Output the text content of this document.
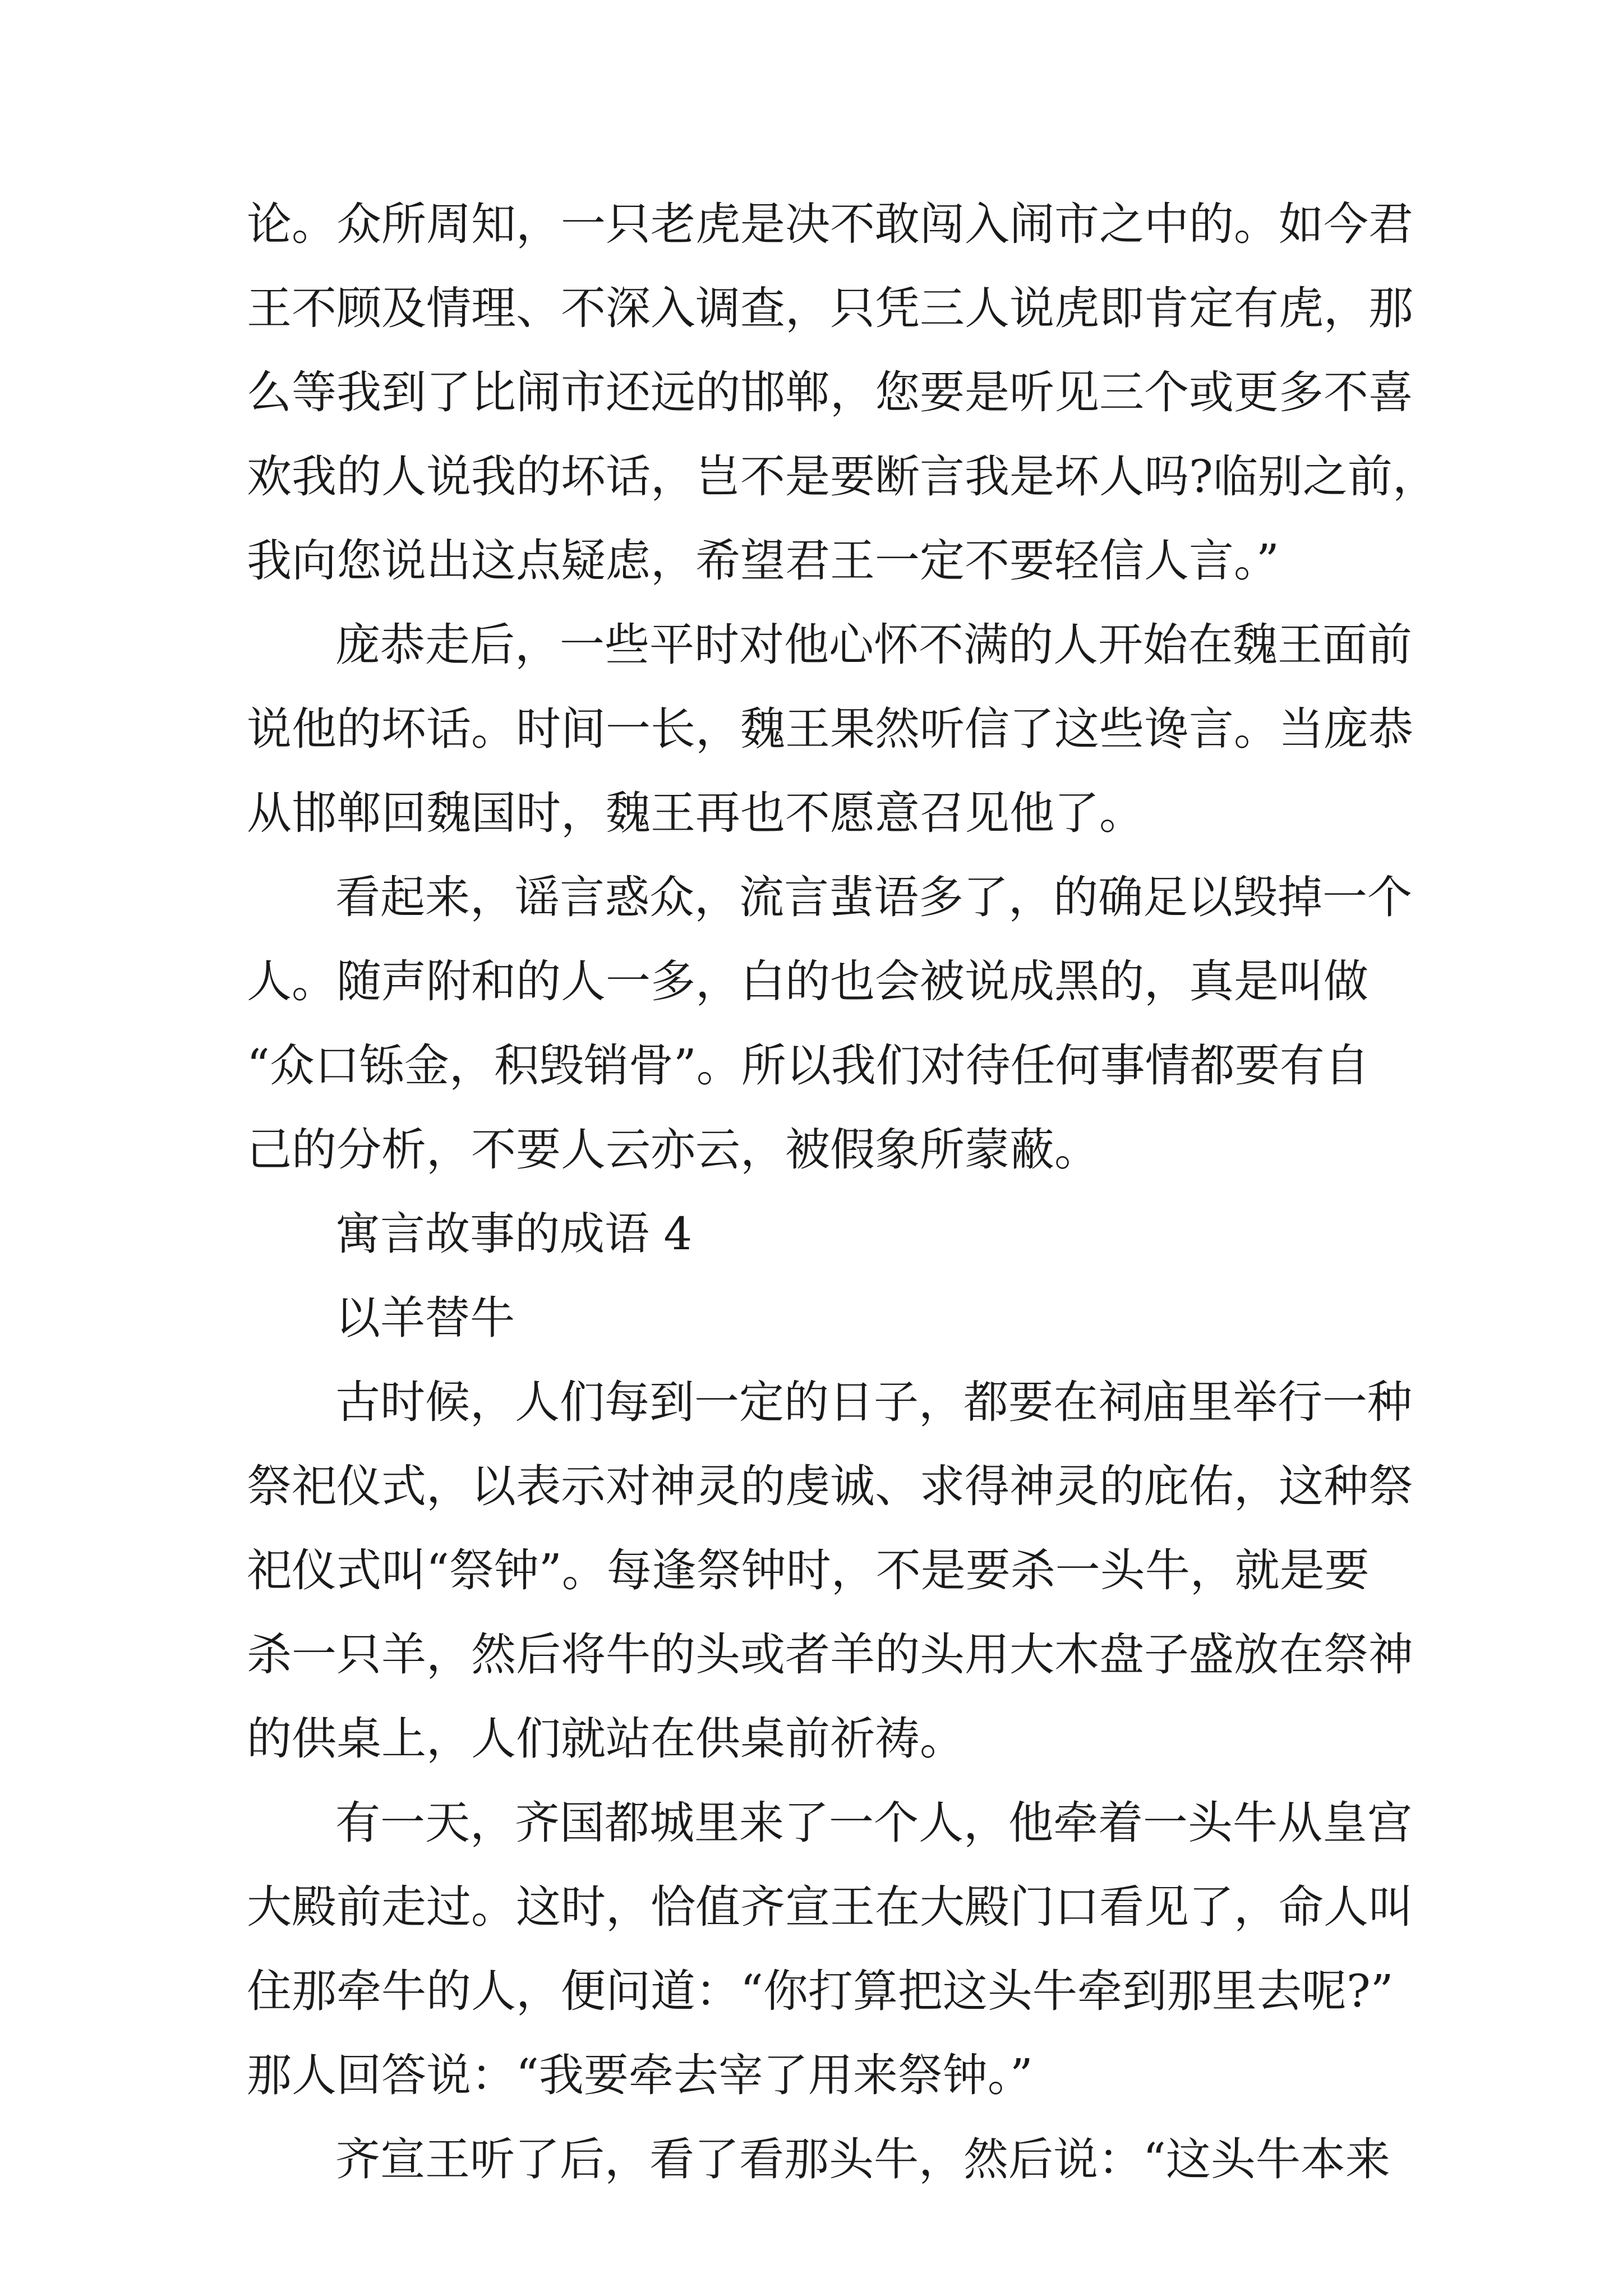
论。众所周知，一只老虎是决不敢闯入闹市之中的。如今君
王不顾及情理、不深入调查，只凭三人说虎即肯定有虎，那
么等我到了比闹市还远的邯郸，您要是听见三个或更多不喜
欢我的人说我的坏话，岂不是要断言我是坏人吗?临别之前，
我向您说出这点疑虑，希望君王一定不要轻信人言。”
庞恭走后，一些平时对他心怀不满的人开始在魏王面前
说他的坏话。时间一长，魏王果然听信了这些谗言。当庞恭
从邯郸回魏国时，魏王再也不愿意召见他了。
看起来，谣言惑众，流言蜚语多了，的确足以毁掉一个
人。随声附和的人一多，白的也会被说成黑的，真是叫做
“众口铄金，积毁销骨”。所以我们对待任何事情都要有自
己的分析，不要人云亦云，被假象所蒙蔽。
寓言故事的成语 4
以羊替牛
古时候，人们每到一定的日子，都要在祠庙里举行一种
祭祀仪式，以表示对神灵的虔诚、求得神灵的庇佑，这种祭
祀仪式叫“祭钟”。每逢祭钟时，不是要杀一头牛，就是要
杀一只羊，然后将牛的头或者羊的头用大木盘子盛放在祭神
的供桌上，人们就站在供桌前祈祷。
有一天，齐国都城里来了一个人，他牵着一头牛从皇宫
大殿前走过。这时，恰值齐宣王在大殿门口看见了，命人叫
住那牵牛的人，便问道：“你打算把这头牛牵到那里去呢?”
那人回答说：“我要牵去宰了用来祭钟。”
齐宣王听了后，看了看那头牛，然后说：“这头牛本来
